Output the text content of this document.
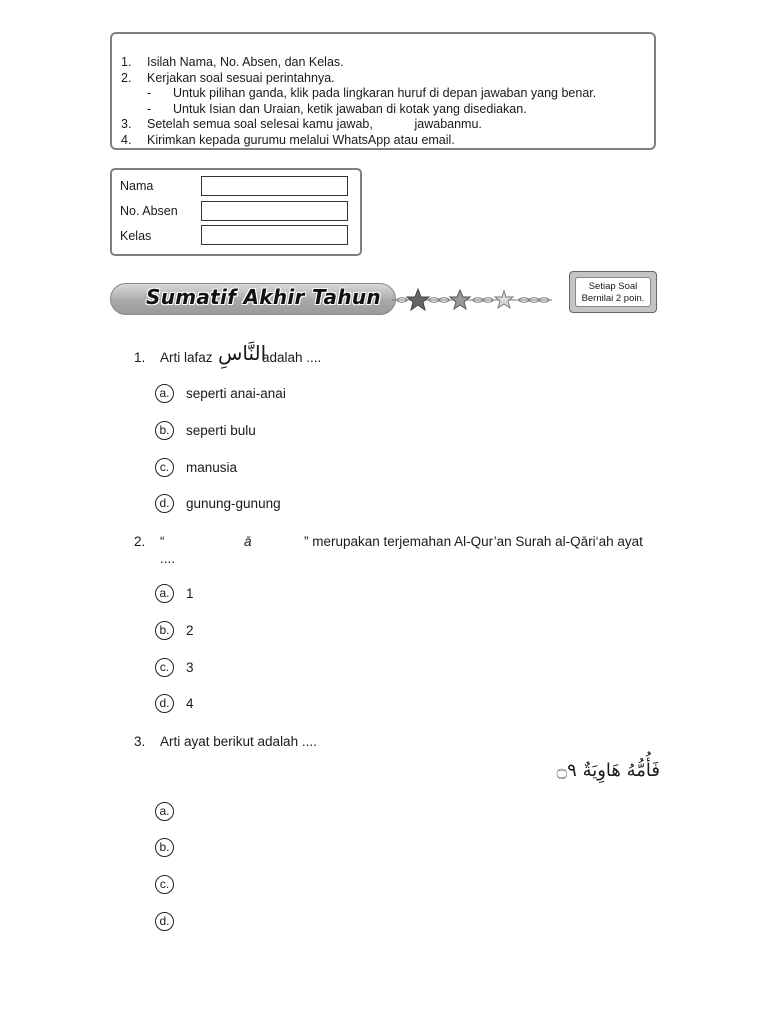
1. Isilah Nama, No. Absen, dan Kelas.
2. Kerjakan soal sesuai perintahnya.
- Untuk pilihan ganda, klik pada lingkaran huruf di depan jawaban yang benar.
- Untuk Isian dan Uraian, ketik jawaban di kotak yang disediakan.
3. Setelah semua soal selesai kamu jawab,            jawabanmu.
4. Kirimkan kepada gurumu melalui WhatsApp atau email.
Nama
No. Absen
Kelas
Sumatif Akhir Tahun	Setiap Soal
Bernilai 2 poin.
1. Arti lafaz النَّاسِ
adalah ....
a.	seperti anai-anai
b.	seperti bulu
c.	manusia
d.	gunung-gunung
2. “	ā	” merupakan terjemahan Al-Qur’an Surah al-Qāri‘ah ayat
....
a.	1
b.	2
c.	3
d.	4
3. Arti ayat berikut adalah ....
فَأُمُّهُ هَاوِيَةٌ ۝٩
a.
b.
c.
d.
